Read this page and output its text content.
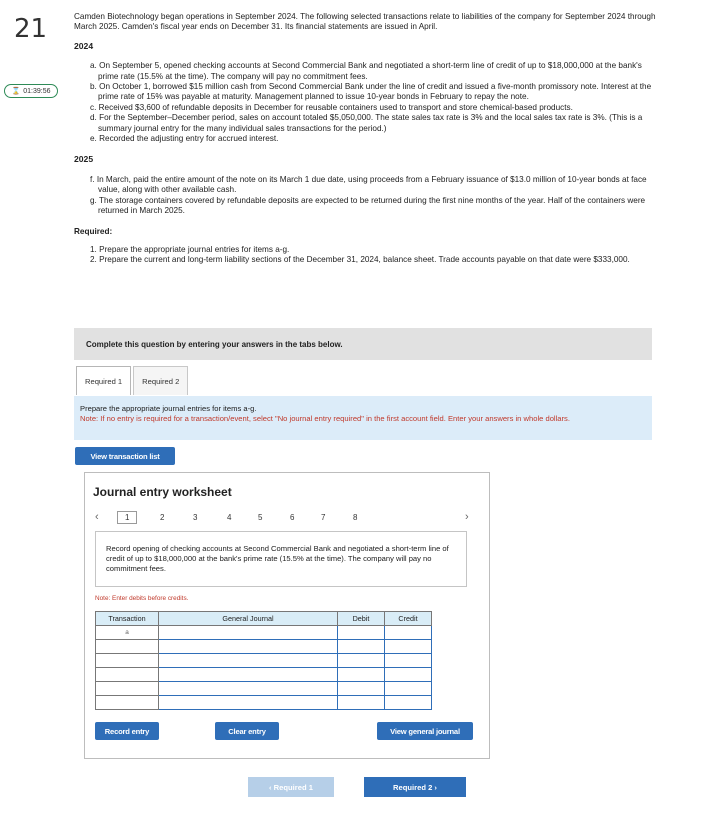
21
⌛ 01:39:56

Camden Biotechnology began operations in September 2024. The following selected transactions relate to liabilities of the company for September 2024 through March 2025. Camden's fiscal year ends on December 31. Its financial statements are issued in April.

2024
a. On September 5, opened checking accounts at Second Commercial Bank and negotiated a short-term line of credit of up to $18,000,000 at the bank's prime rate (15.5% at the time). The company will pay no commitment fees.
b. On October 1, borrowed $15 million cash from Second Commercial Bank under the line of credit and issued a five-month promissory note. Interest at the prime rate of 15% was payable at maturity. Management planned to issue 10-year bonds in February to repay the note.
c. Received $3,600 of refundable deposits in December for reusable containers used to transport and store chemical-based products.
d. For the September–December period, sales on account totaled $5,050,000. The state sales tax rate is 3% and the local sales tax rate is 3%. (This is a summary journal entry for the many individual sales transactions for the period.)
e. Recorded the adjusting entry for accrued interest.
2025
f. In March, paid the entire amount of the note on its March 1 due date, using proceeds from a February issuance of $13.0 million of 10-year bonds at face value, along with other available cash.
g. The storage containers covered by refundable deposits are expected to be returned during the first nine months of the year. Half of the containers were returned in March 2025.
Required:
1. Prepare the appropriate journal entries for items a-g.
2. Prepare the current and long-term liability sections of the December 31, 2024, balance sheet. Trade accounts payable on that date were $333,000.
Complete this question by entering your answers in the tabs below.
Required 1	Required 2
Prepare the appropriate journal entries for items a-g.
Note: If no entry is required for a transaction/event, select "No journal entry required" in the first account field. Enter your answers in whole dollars.
View transaction list
Journal entry worksheet
‹	1	2	3	4	5	6	7	8	›
Record opening of checking accounts at Second Commercial Bank and negotiated a short-term line of credit of up to $18,000,000 at the bank's prime rate (15.5% at the time). The company will pay no commitment fees.
Note: Enter debits before credits.
Transaction	General Journal	Debit	Credit
a			

Record entry	Clear entry	View general journal
‹ Required 1	Required 2 ›
